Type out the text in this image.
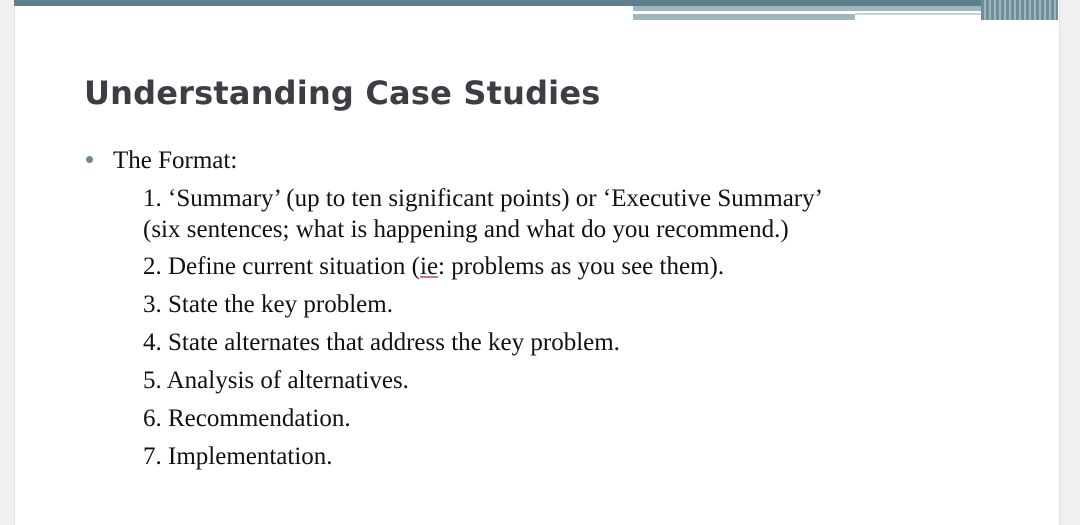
Understanding Case Studies
The Format:
1. ‘Summary’ (up to ten significant points) or ‘Executive Summary’
(six sentences; what is happening and what do you recommend.)
2. Define current situation (ie: problems as you see them).
3. State the key problem.
4. State alternates that address the key problem.
5. Analysis of alternatives.
6. Recommendation.
7. Implementation.
